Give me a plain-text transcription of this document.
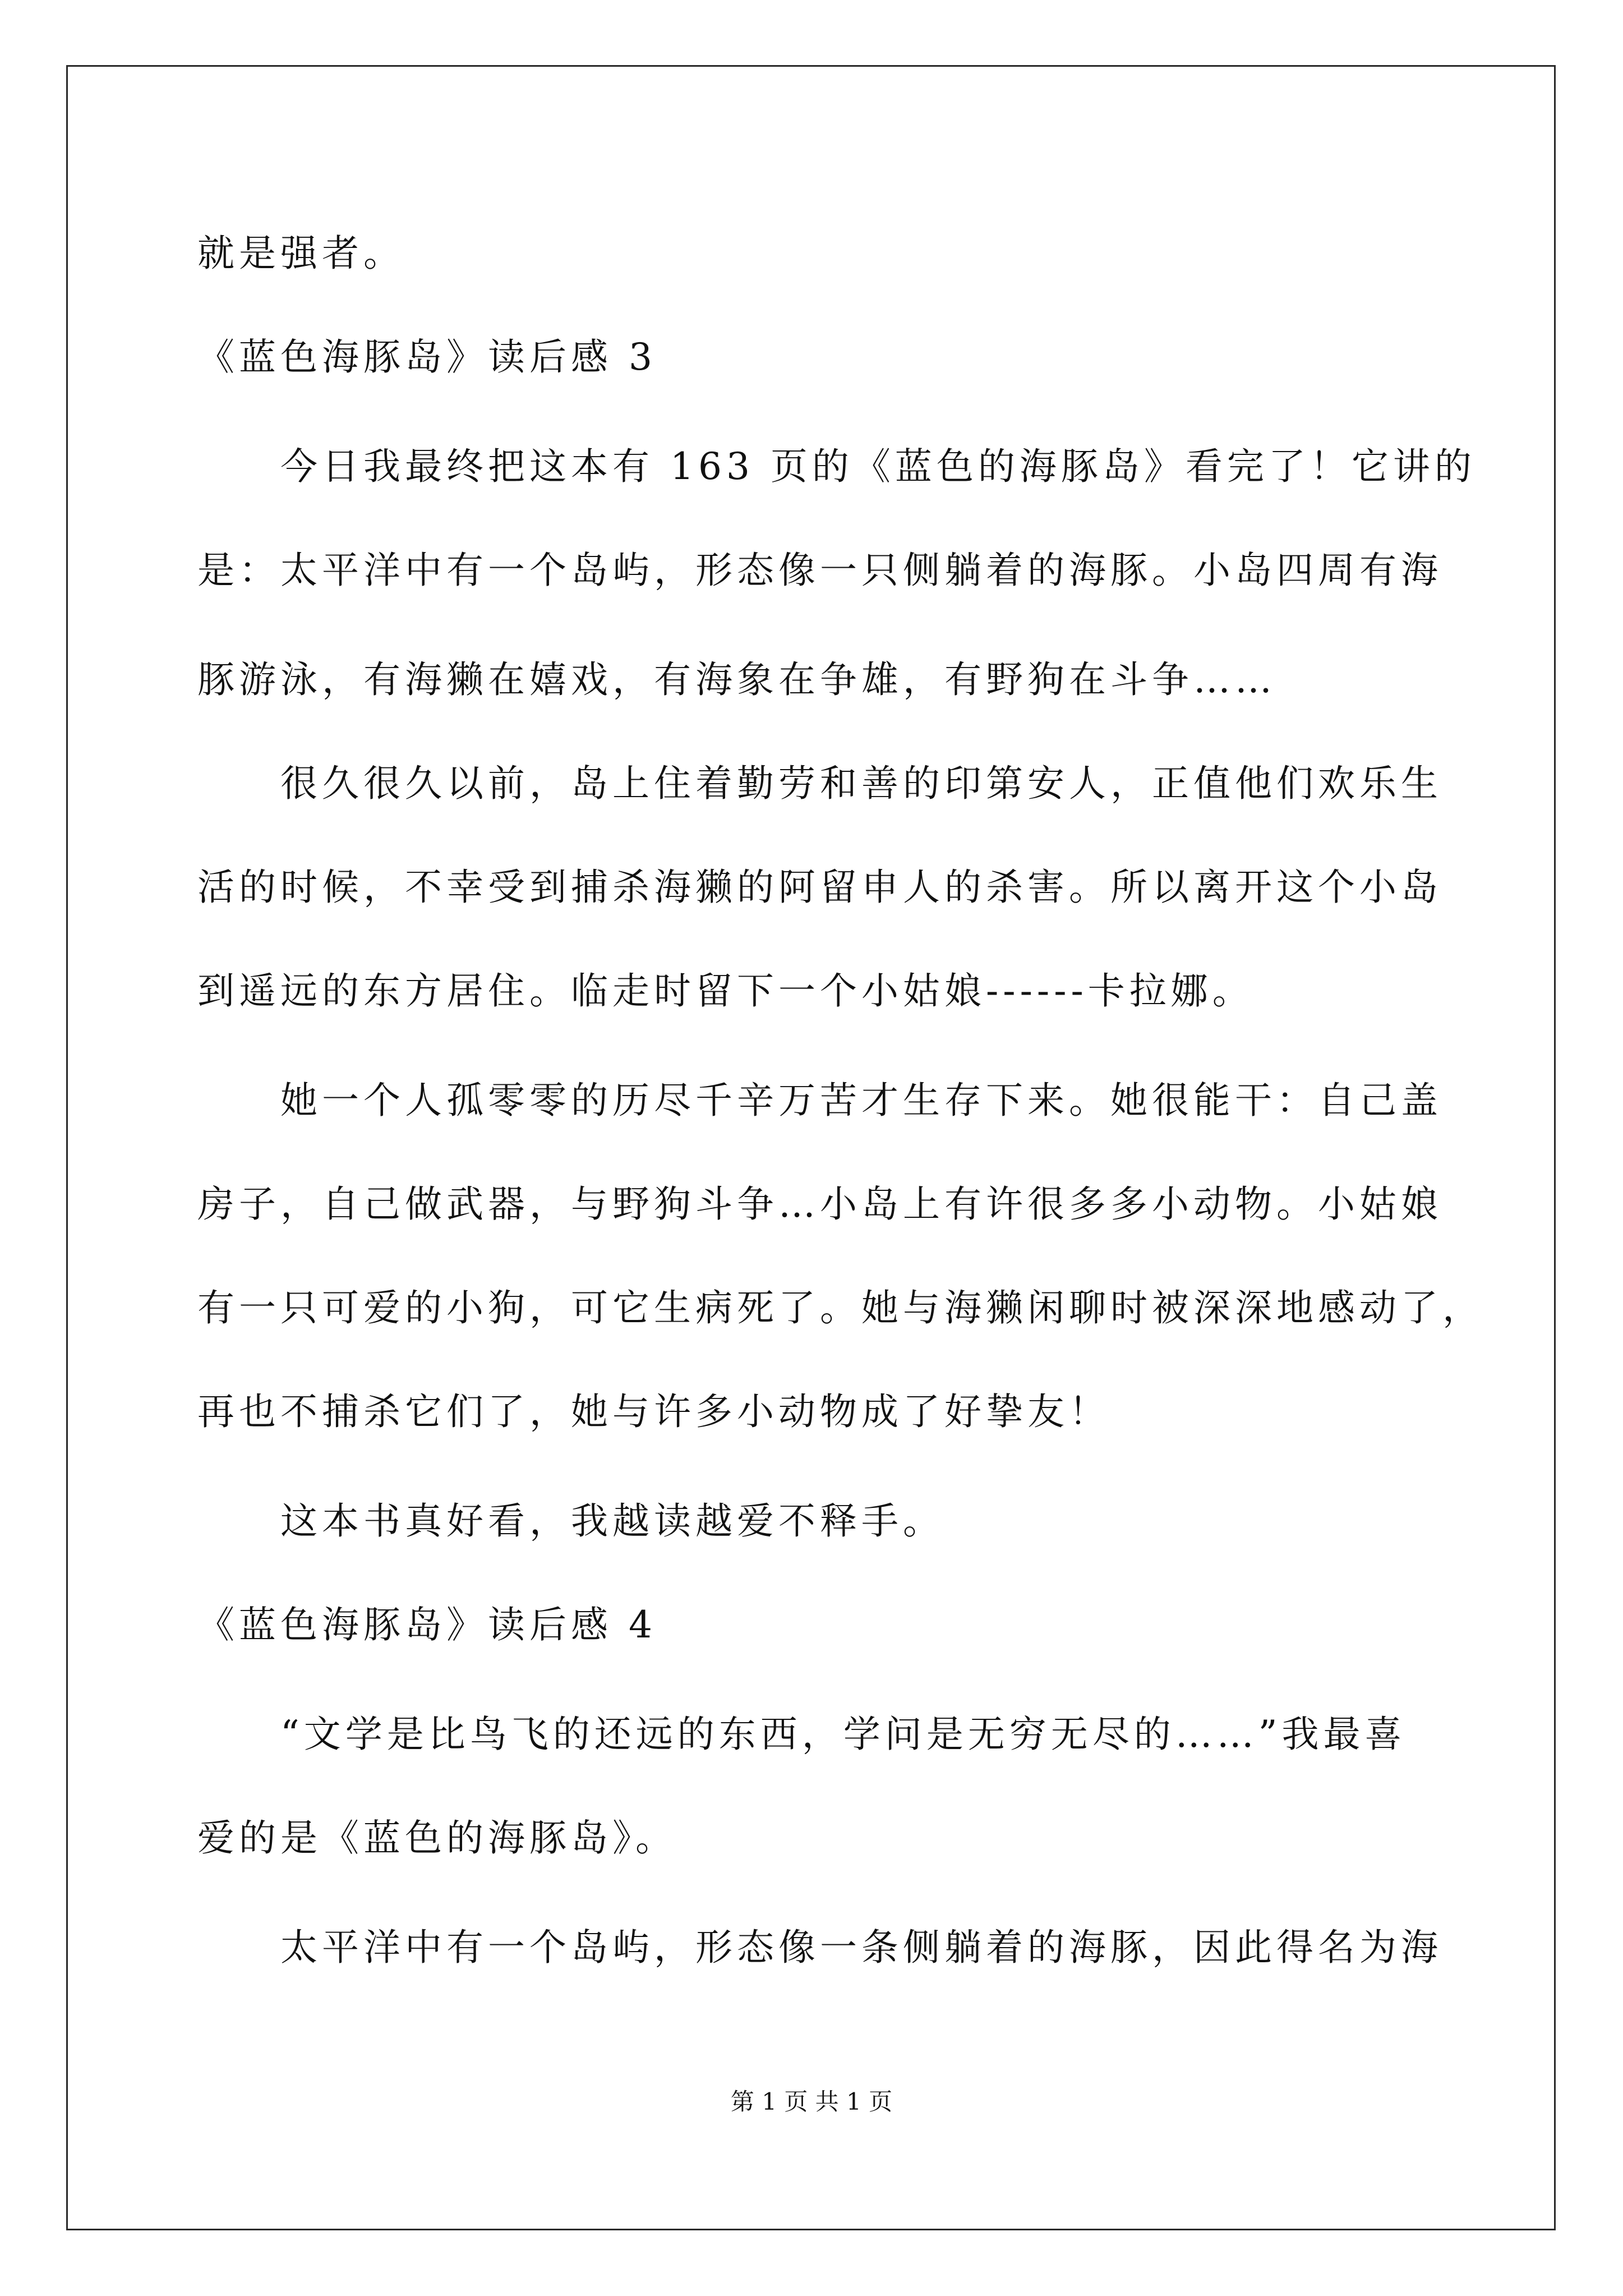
就是强者。
《蓝色海豚岛》读后感 3
今日我最终把这本有 163 页的《蓝色的海豚岛》看完了！它讲的
是：太平洋中有一个岛屿，形态像一只侧躺着的海豚。小岛四周有海
豚游泳，有海獭在嬉戏，有海象在争雄，有野狗在斗争……
很久很久以前，岛上住着勤劳和善的印第安人，正值他们欢乐生
活的时候，不幸受到捕杀海獭的阿留申人的杀害。所以离开这个小岛
到遥远的东方居住。临走时留下一个小姑娘------卡拉娜。
她一个人孤零零的历尽千辛万苦才生存下来。她很能干：自己盖
房子，自己做武器，与野狗斗争…小岛上有许很多多小动物。小姑娘
有一只可爱的小狗，可它生病死了。她与海獭闲聊时被深深地感动了，
再也不捕杀它们了，她与许多小动物成了好挚友！
这本书真好看，我越读越爱不释手。
《蓝色海豚岛》读后感 4
“文学是比鸟飞的还远的东西，学问是无穷无尽的……”我最喜
爱的是《蓝色的海豚岛》。
太平洋中有一个岛屿，形态像一条侧躺着的海豚，因此得名为海
第 1 页 共 1 页
